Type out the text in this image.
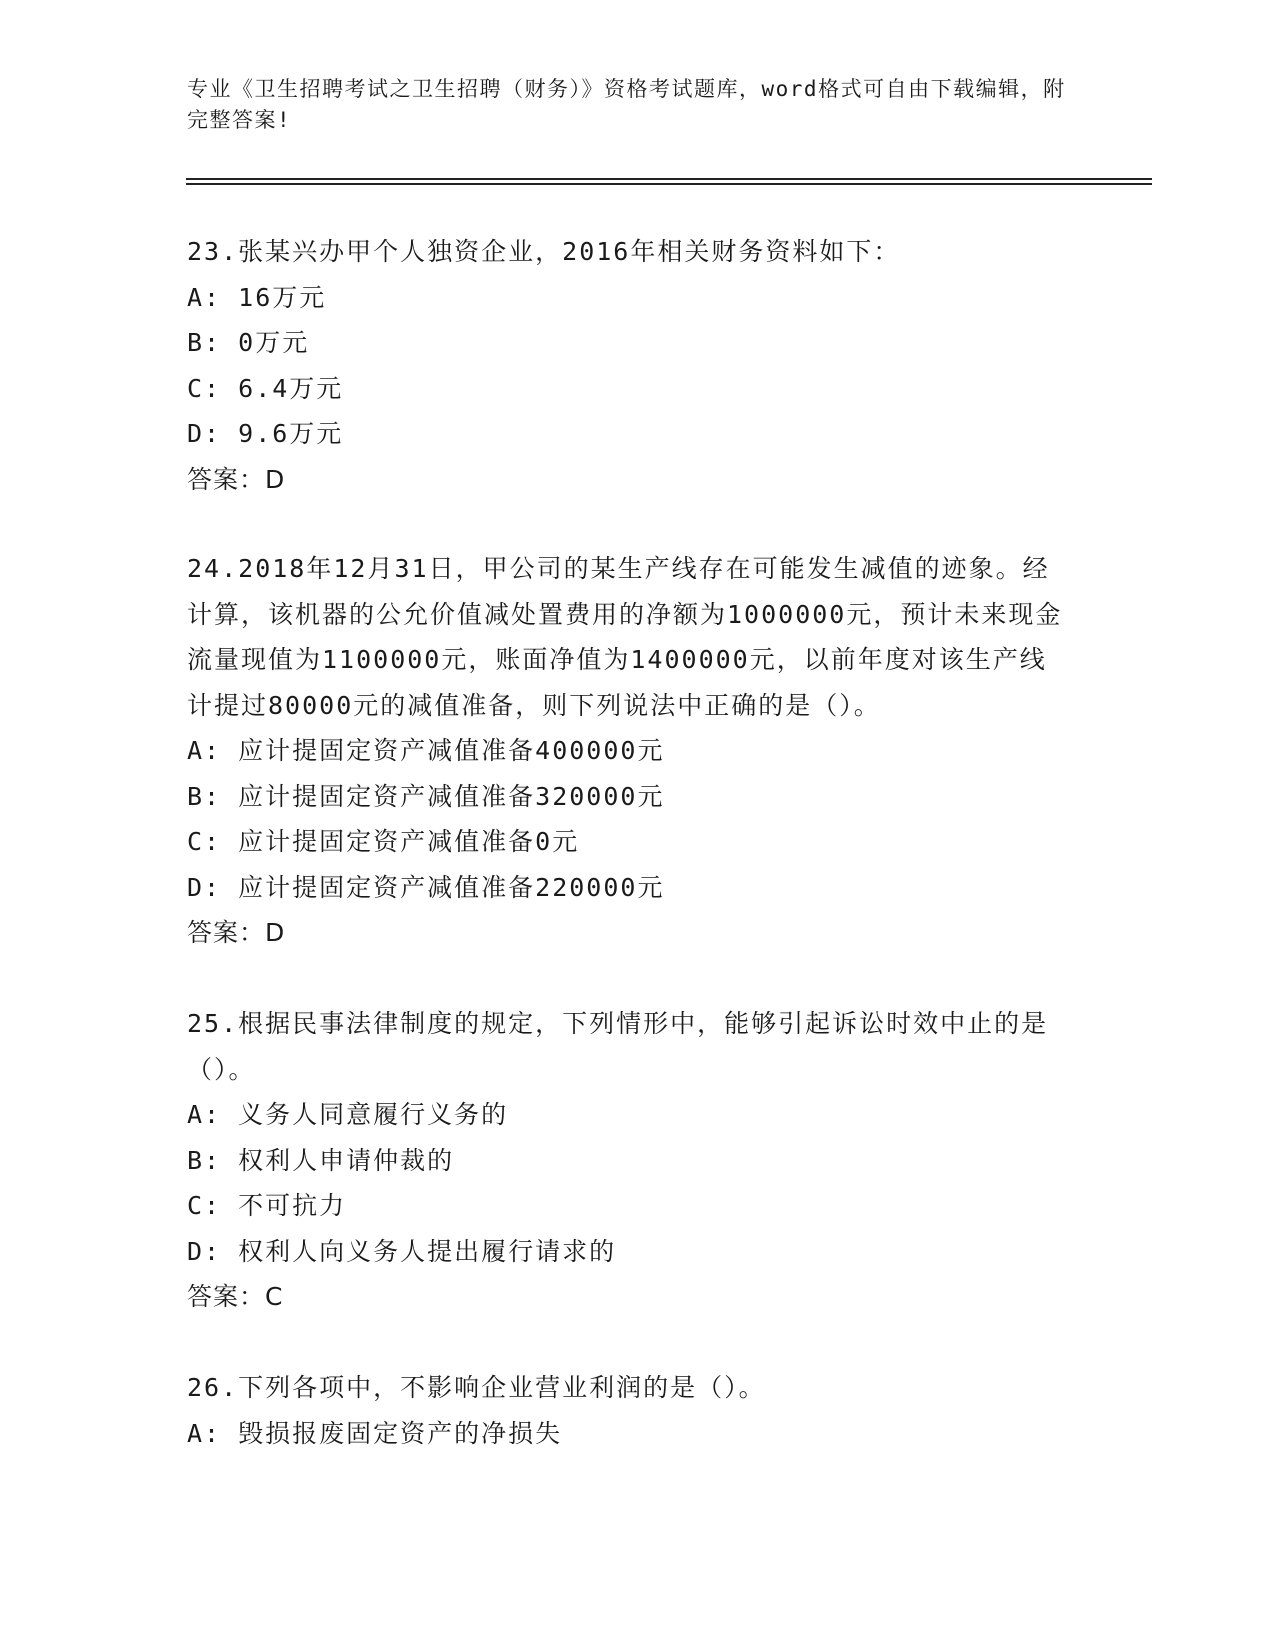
专业《卫生招聘考试之卫生招聘（财务）》资格考试题库，word格式可自由下载编辑，附完整答案!

23.张某兴办甲个人独资企业，2016年相关财务资料如下：

A: 16万元

B: 0万元

C: 6.4万元

D: 9.6万元

答案：D

24.2018年12月31日，甲公司的某生产线存在可能发生减值的迹象。经计算，该机器的公允价值减处置费用的净额为1000000元，预计未来现金流量现值为1100000元，账面净值为1400000元，以前年度对该生产线计提过80000元的减值准备，则下列说法中正确的是（）。

A: 应计提固定资产减值准备400000元

B: 应计提固定资产减值准备320000元

C: 应计提固定资产减值准备0元

D: 应计提固定资产减值准备220000元

答案：D

25.根据民事法律制度的规定，下列情形中，能够引起诉讼时效中止的是（）。

A: 义务人同意履行义务的

B: 权利人申请仲裁的

C: 不可抗力

D: 权利人向义务人提出履行请求的

答案：C

26.下列各项中，不影响企业营业利润的是（）。

A: 毁损报废固定资产的净损失
